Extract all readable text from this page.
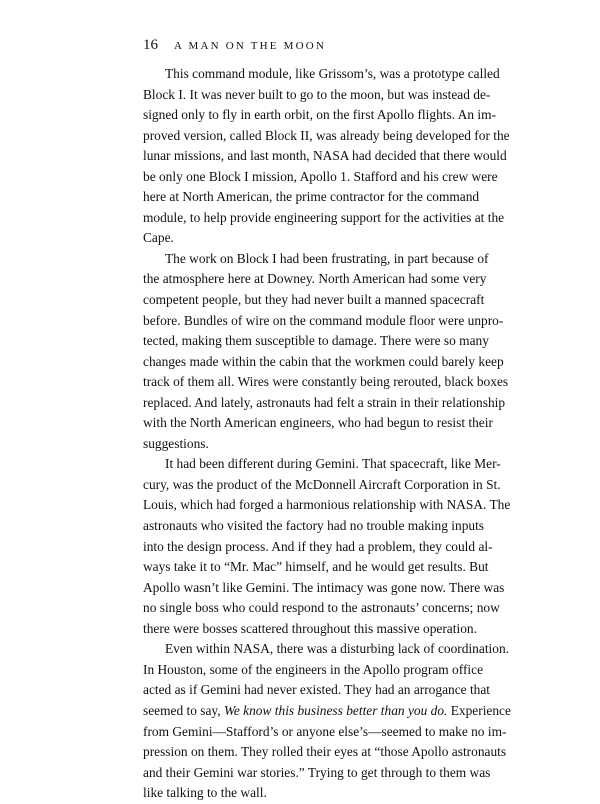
16 A MAN ON THE MOON
This command module, like Grissom’s, was a prototype called
Block I. It was never built to go to the moon, but was instead de-
signed only to fly in earth orbit, on the first Apollo flights. An im-
proved version, called Block II, was already being developed for the
lunar missions, and last month, NASA had decided that there would
be only one Block I mission, Apollo 1. Stafford and his crew were
here at North American, the prime contractor for the command
module, to help provide engineering support for the activities at the
Cape.
The work on Block I had been frustrating, in part because of
the atmosphere here at Downey. North American had some very
competent people, but they had never built a manned spacecraft
before. Bundles of wire on the command module floor were unpro-
tected, making them susceptible to damage. There were so many
changes made within the cabin that the workmen could barely keep
track of them all. Wires were constantly being rerouted, black boxes
replaced. And lately, astronauts had felt a strain in their relationship
with the North American engineers, who had begun to resist their
suggestions.
It had been different during Gemini. That spacecraft, like Mer-
cury, was the product of the McDonnell Aircraft Corporation in St.
Louis, which had forged a harmonious relationship with NASA. The
astronauts who visited the factory had no trouble making inputs
into the design process. And if they had a problem, they could al-
ways take it to “Mr. Mac” himself, and he would get results. But
Apollo wasn’t like Gemini. The intimacy was gone now. There was
no single boss who could respond to the astronauts’ concerns; now
there were bosses scattered throughout this massive operation.
Even within NASA, there was a disturbing lack of coordination.
In Houston, some of the engineers in the Apollo program office
acted as if Gemini had never existed. They had an arrogance that
seemed to say, We know this business better than you do. Experience
from Gemini—Stafford’s or anyone else’s—seemed to make no im-
pression on them. They rolled their eyes at “those Apollo astronauts
and their Gemini war stories.” Trying to get through to them was
like talking to the wall.
